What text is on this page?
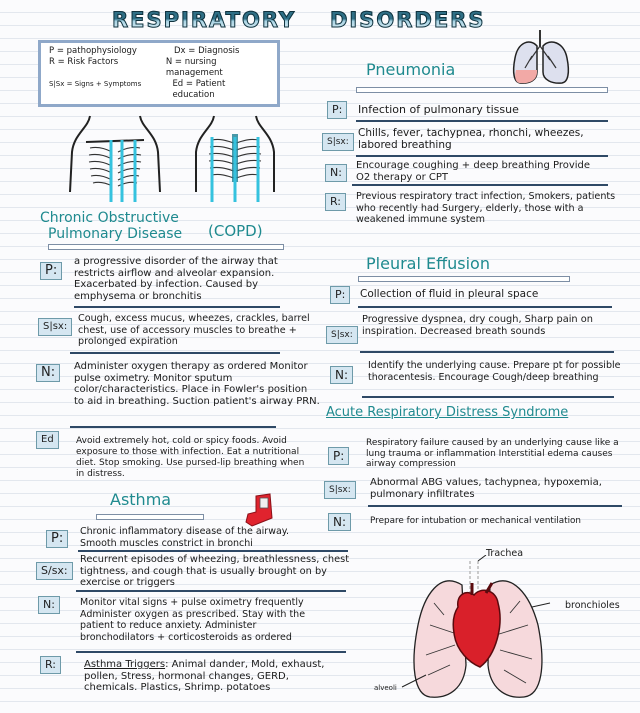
RESPIRATORY DISORDERS
P = pathophysiology	Dx = Diagnosis
R = Risk Factors	N = nursing management
S|Sx = Signs + Symptoms	Ed = Patient education
Pneumonia
P:	Infection of pulmonary tissue
S|sx:
Chills, fever, tachypnea, rhonchi, wheezes, labored breathing
N:
Encourage coughing + deep breathing Provide O2 therapy or CPT
R:	Previous respiratory tract infection, Smokers, patients who recently had Surgery, elderly, those with a weakened immune system
Chronic Obstructive
Pulmonary Disease (COPD)
P:
a progressive disorder of the airway that restricts airflow and alveolar expansion. Exacerbated by infection. Caused by emphysema or bronchitis
S|sx:
Cough, excess mucus, wheezes, crackles, barrel chest, use of accessory muscles to breathe + prolonged expiration
N:	Administer oxygen therapy as ordered Monitor pulse oximetry. Monitor sputum color/characteristics. Place in Fowler's position to aid in breathing. Suction patient's airway PRN.
Ed	Avoid extremely hot, cold or spicy foods. Avoid exposure to those with infection. Eat a nutritional diet. Stop smoking. Use pursed-lip breathing when in distress.
Asthma
P:	Chronic inflammatory disease of the airway. Smooth muscles constrict in bronchi
S/sx:
Recurrent episodes of wheezing, breathlessness, chest tightness, and cough that is usually brought on by exercise or triggers
N:	Monitor vital signs + pulse oximetry frequently Administer oxygen as prescribed. Stay with the patient to reduce anxiety. Administer bronchodilators + corticosteroids as ordered
R:	Asthma Triggers: Animal dander, Mold, exhaust, pollen, Stress, hormonal changes, GERD, chemicals. Plastics, Shrimp. potatoes
Pleural Effusion
P:	Collection of fluid in pleural space
S|sx:
Progressive dyspnea, dry cough, Sharp pain on inspiration. Decreased breath sounds
N:
Identify the underlying cause. Prepare pt for possible thoracentesis. Encourage Cough/deep breathing
Acute Respiratory Distress Syndrome
P:
Respiratory failure caused by an underlying cause like a lung trauma or inflammation Interstitial edema causes airway compression
S|sx:
Abnormal ABG values, tachypnea, hypoxemia, pulmonary infiltrates
N:	Prepare for intubation or mechanical ventilation
Trachea
bronchioles
alveoli
